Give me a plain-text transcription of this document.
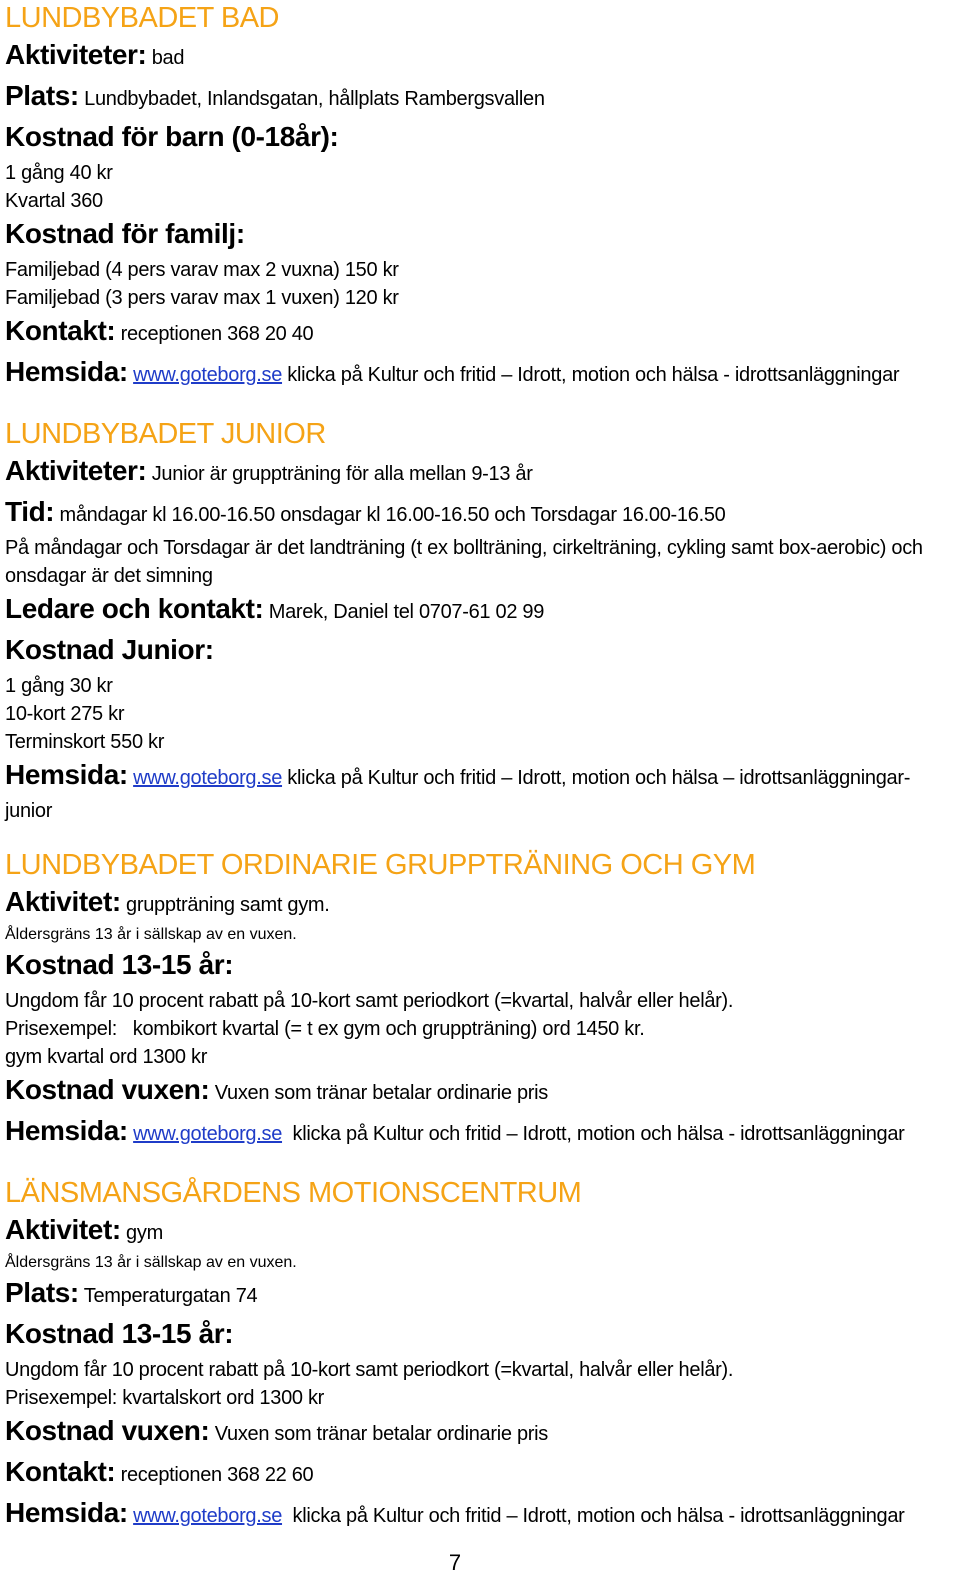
LUNDBYBADET BAD
Aktiviteter: bad
Plats: Lundbybadet, Inlandsgatan, hållplats Rambergsvallen
Kostnad för barn (0-18år):
1 gång 40 kr
Kvartal 360
Kostnad för familj:
Familjebad (4 pers varav max 2 vuxna) 150 kr
Familjebad (3 pers varav max 1 vuxen) 120 kr
Kontakt: receptionen 368 20 40
Hemsida: www.goteborg.se klicka på Kultur och fritid – Idrott, motion och hälsa - idrottsanläggningar
LUNDBYBADET JUNIOR
Aktiviteter: Junior är gruppträning för alla mellan 9-13 år
Tid: måndagar kl 16.00-16.50 onsdagar kl 16.00-16.50 och Torsdagar 16.00-16.50
På måndagar och Torsdagar är det landträning (t ex bollträning, cirkelträning, cykling samt box-aerobic) och onsdagar är det simning
Ledare och kontakt: Marek, Daniel tel 0707-61 02 99
Kostnad Junior:
1 gång 30 kr
10-kort 275 kr
Terminskort 550 kr
Hemsida: www.goteborg.se klicka på Kultur och fritid – Idrott, motion och hälsa – idrottsanläggningar-
junior
LUNDBYBADET ORDINARIE GRUPPTRÄNING OCH GYM
Aktivitet: gruppträning samt gym.
Åldersgräns 13 år i sällskap av en vuxen.
Kostnad 13-15 år:
Ungdom får 10 procent rabatt på 10-kort samt periodkort (=kvartal, halvår eller helår).
Prisexempel:   kombikort kvartal (= t ex gym och gruppträning) ord 1450 kr.
gym kvartal ord 1300 kr
Kostnad vuxen: Vuxen som tränar betalar ordinarie pris
Hemsida: www.goteborg.se  klicka på Kultur och fritid – Idrott, motion och hälsa - idrottsanläggningar
LÄNSMANSGÅRDENS MOTIONSCENTRUM
Aktivitet: gym
Åldersgräns 13 år i sällskap av en vuxen.
Plats: Temperaturgatan 74
Kostnad 13-15 år:
Ungdom får 10 procent rabatt på 10-kort samt periodkort (=kvartal, halvår eller helår).
Prisexempel: kvartalskort ord 1300 kr
Kostnad vuxen: Vuxen som tränar betalar ordinarie pris
Kontakt: receptionen 368 22 60
Hemsida: www.goteborg.se  klicka på Kultur och fritid – Idrott, motion och hälsa - idrottsanläggningar
7
